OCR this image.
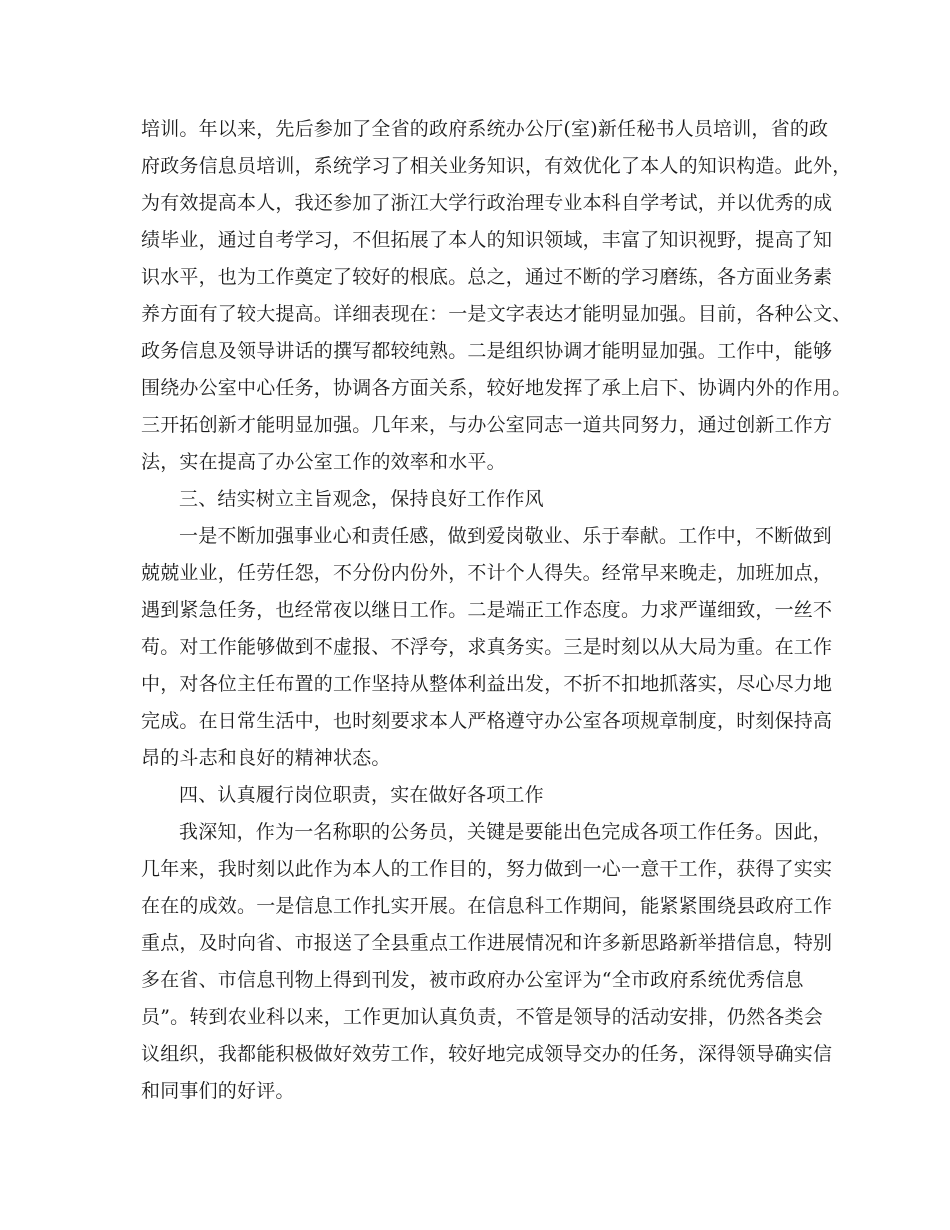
培训。年以来，先后参加了全省的政府系统办公厅(室)新任秘书人员培训，省的政
府政务信息员培训，系统学习了相关业务知识，有效优化了本人的知识构造。此外，
为有效提高本人，我还参加了浙江大学行政治理专业本科自学考试，并以优秀的成
绩毕业，通过自考学习，不但拓展了本人的知识领域，丰富了知识视野，提高了知
识水平，也为工作奠定了较好的根底。总之，通过不断的学习磨练，各方面业务素
养方面有了较大提高。详细表现在：一是文字表达才能明显加强。目前，各种公文、
政务信息及领导讲话的撰写都较纯熟。二是组织协调才能明显加强。工作中，能够
围绕办公室中心任务，协调各方面关系，较好地发挥了承上启下、协调内外的作用。
三开拓创新才能明显加强。几年来，与办公室同志一道共同努力，通过创新工作方
法，实在提高了办公室工作的效率和水平。
三、结实树立主旨观念，保持良好工作作风
一是不断加强事业心和责任感，做到爱岗敬业、乐于奉献。工作中，不断做到
兢兢业业，任劳任怨，不分份内份外，不计个人得失。经常早来晚走，加班加点，
遇到紧急任务，也经常夜以继日工作。二是端正工作态度。力求严谨细致，一丝不
苟。对工作能够做到不虚报、不浮夸，求真务实。三是时刻以从大局为重。在工作
中，对各位主任布置的工作坚持从整体利益出发，不折不扣地抓落实，尽心尽力地
完成。在日常生活中，也时刻要求本人严格遵守办公室各项规章制度，时刻保持高
昂的斗志和良好的精神状态。
四、认真履行岗位职责，实在做好各项工作
我深知，作为一名称职的公务员，关键是要能出色完成各项工作任务。因此，
几年来，我时刻以此作为本人的工作目的，努力做到一心一意干工作，获得了实实
在在的成效。一是信息工作扎实开展。在信息科工作期间，能紧紧围绕县政府工作
重点，及时向省、市报送了全县重点工作进展情况和许多新思路新举措信息，特别
多在省、市信息刊物上得到刊发，被市政府办公室评为“全市政府系统优秀信息
员”。转到农业科以来，工作更加认真负责，不管是领导的活动安排，仍然各类会
议组织，我都能积极做好效劳工作，较好地完成领导交办的任务，深得领导确实信
和同事们的好评。
